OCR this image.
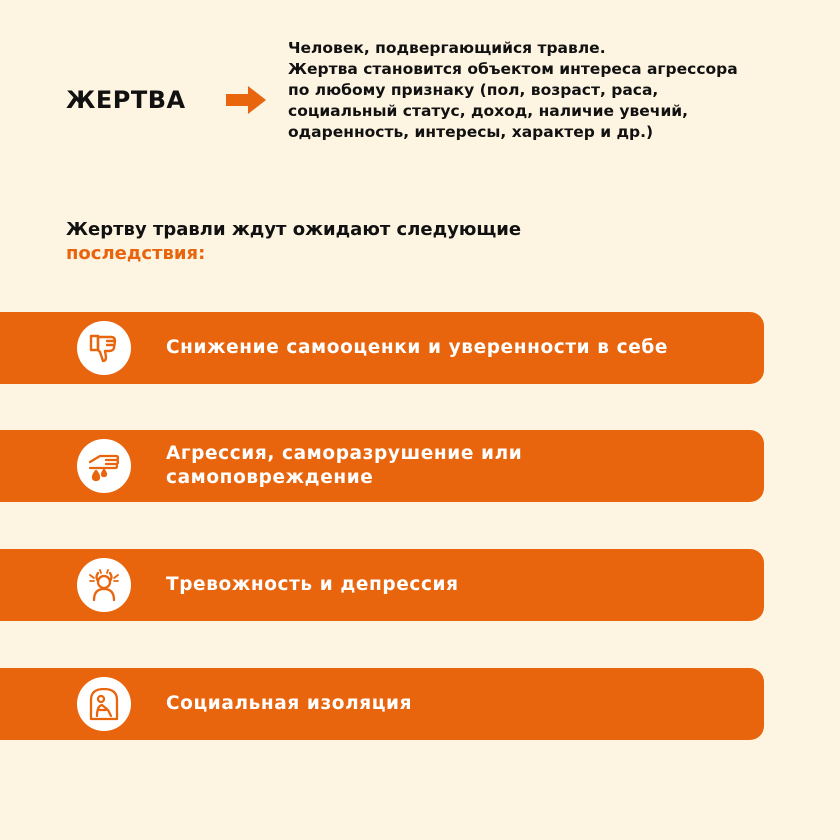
ЖЕРТВА
Человек, подвергающийся травле.
Жертва становится объектом интереса агрессора по любому признаку (пол, возраст, раса, социальный статус, доход, наличие увечий, одаренность, интересы, характер и др.)
Жертву травли ждут ожидают следующие
последствия:
Снижение самооценки и уверенности в себе
Агрессия, саморазрушение или самоповреждение
Тревожность и депрессия
Социальная изоляция
